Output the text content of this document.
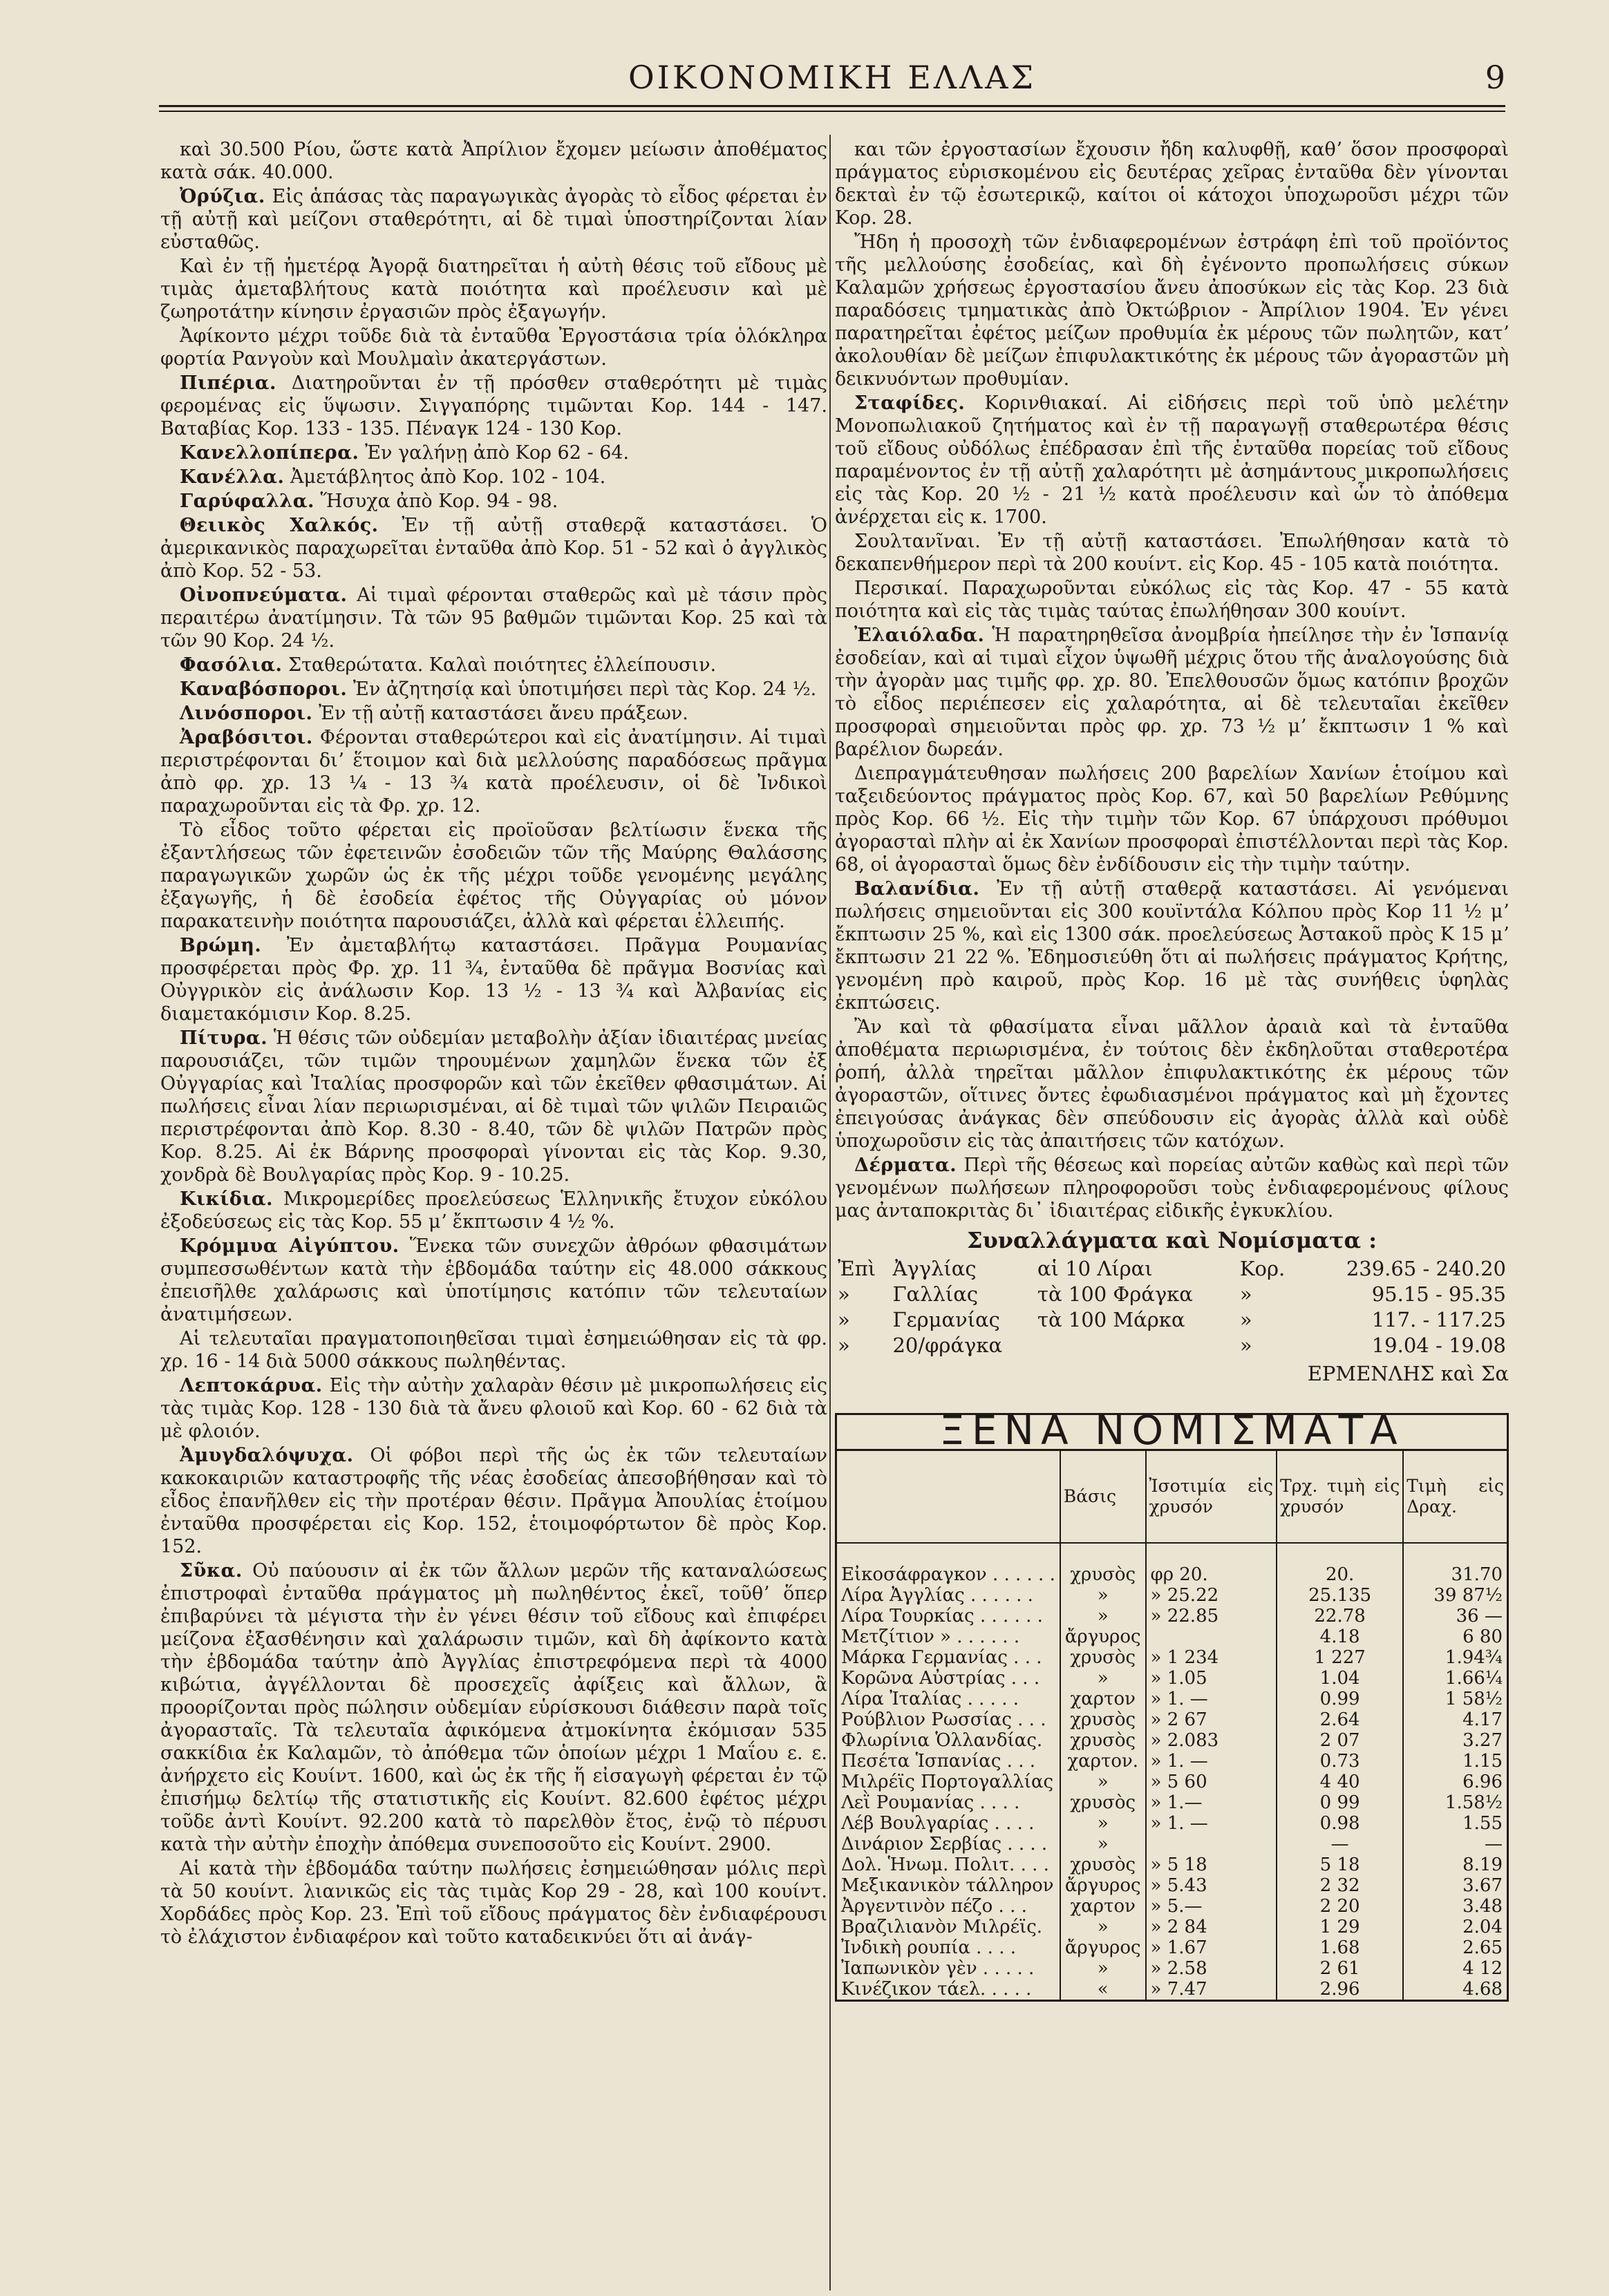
ΟΙΚΟΝΟΜΙΚΗ ΕΛΛΑΣ	9

καὶ 30.500 Ρίου, ὥστε κατὰ Ἀπρίλιον ἔχομεν μείωσιν ἀποθέματος κατὰ σάκ. 40.000.

Ὀρύζια. Εἰς ἁπάσας τὰς παραγωγικὰς ἀγορὰς τὸ εἶδος φέρεται ἐν τῇ αὐτῇ καὶ μείζονι σταθερότητι, αἱ δὲ τιμαὶ ὑποστηρίζονται λίαν εὐσταθῶς.

Καὶ ἐν τῇ ἡμετέρᾳ Ἀγορᾷ διατηρεῖται ἡ αὐτὴ θέσις τοῦ εἴδους μὲ τιμὰς ἀμεταβλήτους κατὰ ποιότητα καὶ προέλευσιν καὶ μὲ ζωηροτάτην κίνησιν ἐργασιῶν πρὸς ἐξαγωγήν.

Ἀφίκοντο μέχρι τοῦδε διὰ τὰ ἐνταῦθα Ἐργοστάσια τρία ὁλόκληρα φορτία Ρανγοὺν καὶ Μουλμαὶν ἀκατεργάστων.

Πιπέρια. Διατηροῦνται ἐν τῇ πρόσθεν σταθερότητι μὲ τιμὰς φερομένας εἰς ὕψωσιν. Σιγγαπόρης τιμῶνται Κορ. 144 - 147. Βαταβίας Κορ. 133 - 135. Πέναγκ 124 - 130 Κορ.

Κανελλοπίπερα. Ἐν γαλήνῃ ἀπὸ Κορ 62 - 64.

Κανέλλα. Ἀμετάβλητος ἀπὸ Κορ. 102 - 104.

Γαρύφαλλα. Ἥσυχα ἀπὸ Κορ. 94 - 98.

Θειικὸς Χαλκός. Ἐν τῇ αὐτῇ σταθερᾷ καταστάσει. Ὁ ἀμερικανικὸς παραχωρεῖται ἐνταῦθα ἀπὸ Κορ. 51 - 52 καὶ ὁ ἀγγλικὸς ἀπὸ Κορ. 52 - 53.

Οἰνοπνεύματα. Αἱ τιμαὶ φέρονται σταθερῶς καὶ μὲ τάσιν πρὸς περαιτέρω ἀνατίμησιν. Τὰ τῶν 95 βαθμῶν τιμῶνται Κορ. 25 καὶ τὰ τῶν 90 Κορ. 24 ½.

Φασόλια. Σταθερώτατα. Καλαὶ ποιότητες ἐλλείπουσιν.

Καναβόσποροι. Ἐν ἀζητησίᾳ καὶ ὑποτιμήσει περὶ τὰς Κορ. 24 ½.

Λινόσποροι. Ἐν τῇ αὐτῇ καταστάσει ἄνευ πράξεων.

Ἀραβόσιτοι. Φέρονται σταθερώτεροι καὶ εἰς ἀνατίμησιν. Αἱ τιμαὶ περιστρέφονται διʼ ἕτοιμον καὶ διὰ μελλούσης παραδόσεως πρᾶγμα ἀπὸ φρ. χρ. 13 ¼ - 13 ¾ κατὰ προέλευσιν, οἱ δὲ Ἰνδικοὶ παραχωροῦνται εἰς τὰ Φρ. χρ. 12.

Τὸ εἶδος τοῦτο φέρεται εἰς προϊοῦσαν βελτίωσιν ἕνεκα τῆς ἐξαντλήσεως τῶν ἐφετεινῶν ἐσοδειῶν τῶν τῆς Μαύρης Θαλάσσης παραγωγικῶν χωρῶν ὡς ἐκ τῆς μέχρι τοῦδε γενομένης μεγάλης ἐξαγωγῆς, ἡ δὲ ἐσοδεία ἐφέτος τῆς Οὐγγαρίας οὐ μόνον παρακατεινὴν ποιότητα παρουσιάζει, ἀλλὰ καὶ φέρεται ἐλλειπής.

Βρώμη. Ἐν ἀμεταβλήτῳ καταστάσει. Πρᾶγμα Ρουμανίας προσφέρεται πρὸς Φρ. χρ. 11 ¾, ἐνταῦθα δὲ πρᾶγμα Βοσνίας καὶ Οὐγγρικὸν εἰς ἀνάλωσιν Κορ. 13 ½ - 13 ¾ καὶ Ἀλβανίας εἰς διαμετακόμισιν Κορ. 8.25.

Πίτυρα. Ἡ θέσις τῶν οὐδεμίαν μεταβολὴν ἀξίαν ἰδιαιτέρας μνείας παρουσιάζει, τῶν τιμῶν τηρουμένων χαμηλῶν ἕνεκα τῶν ἐξ Οὐγγαρίας καὶ Ἰταλίας προσφορῶν καὶ τῶν ἐκεῖθεν φθασιμάτων. Αἱ πωλήσεις εἶναι λίαν περιωρισμέναι, αἱ δὲ τιμαὶ τῶν ψιλῶν Πειραιῶς περιστρέφονται ἀπὸ Κορ. 8.30 - 8.40, τῶν δὲ ψιλῶν Πατρῶν πρὸς Κορ. 8.25. Αἱ ἐκ Βάρνης προσφοραὶ γίνονται εἰς τὰς Κορ. 9.30, χονδρὰ δὲ Βουλγαρίας πρὸς Κορ. 9 - 10.25.

Κικίδια. Μικρομερίδες προελεύσεως Ἑλληνικῆς ἔτυχον εὐκόλου ἐξοδεύσεως εἰς τὰς Κορ. 55 μʼ ἔκπτωσιν 4 ½ %.

Κρόμμυα Αἰγύπτου. Ἕνεκα τῶν συνεχῶν ἀθρόων φθασιμάτων συμπεσσωθέντων κατὰ τὴν ἑβδομάδα ταύτην εἰς 48.000 σάκκους ἐπεισῆλθε χαλάρωσις καὶ ὑποτίμησις κατόπιν τῶν τελευταίων ἀνατιμήσεων.

Αἱ τελευταῖαι πραγματοποιηθεῖσαι τιμαὶ ἐσημειώθησαν εἰς τὰ φρ. χρ. 16 - 14 διὰ 5000 σάκκους πωληθέντας.

Λεπτοκάρυα. Εἰς τὴν αὐτὴν χαλαρὰν θέσιν μὲ μικροπωλήσεις εἰς τὰς τιμὰς Κορ. 128 - 130 διὰ τὰ ἄνευ φλοιοῦ καὶ Κορ. 60 - 62 διὰ τὰ μὲ φλοιόν.

Ἀμυγδαλόψυχα. Οἱ φόβοι περὶ τῆς ὡς ἐκ τῶν τελευταίων κακοκαιριῶν καταστροφῆς τῆς νέας ἐσοδείας ἀπεσοβήθησαν καὶ τὸ εἶδος ἐπανῆλθεν εἰς τὴν προτέραν θέσιν. Πρᾶγμα Ἀπουλίας ἑτοίμου ἐνταῦθα προσφέρεται εἰς Κορ. 152, ἑτοιμοφόρτωτον δὲ πρὸς Κορ. 152.

Σῦκα. Οὐ παύουσιν αἱ ἐκ τῶν ἄλλων μερῶν τῆς καταναλώσεως ἐπιστροφαὶ ἐνταῦθα πράγματος μὴ πωληθέντος ἐκεῖ, τοῦθʼ ὅπερ ἐπιβαρύνει τὰ μέγιστα τὴν ἐν γένει θέσιν τοῦ εἴδους καὶ ἐπιφέρει μείζονα ἐξασθένησιν καὶ χαλάρωσιν τιμῶν, καὶ δὴ ἀφίκοντο κατὰ τὴν ἑβδομάδα ταύτην ἀπὸ Ἀγγλίας ἐπιστρεφόμενα περὶ τὰ 4000 κιβώτια, ἀγγέλλονται δὲ προσεχεῖς ἀφίξεις καὶ ἄλλων, ἃ προορίζονται πρὸς πώλησιν οὐδεμίαν εὑρίσκουσι διάθεσιν παρὰ τοῖς ἀγορασταῖς. Τὰ τελευταῖα ἀφικόμενα ἀτμοκίνητα ἐκόμισαν 535 σακκίδια ἐκ Καλαμῶν, τὸ ἀπόθεμα τῶν ὁποίων μέχρι 1 Μαΐου ε. ε. ἀνήρχετο εἰς Κουίντ. 1600, καὶ ὡς ἐκ τῆς ἥ εἰσαγωγὴ φέρεται ἐν τῷ ἐπισήμῳ δελτίῳ τῆς στατιστικῆς εἰς Κουίντ. 82.600 ἐφέτος μέχρι τοῦδε ἀντὶ Κουίντ. 92.200 κατὰ τὸ παρελθὸν ἔτος, ἐνῷ τὸ πέρυσι κατὰ τὴν αὐτὴν ἐποχὴν ἀπόθεμα συνεποσοῦτο εἰς Κουίντ. 2900.

Αἱ κατὰ τὴν ἑβδομάδα ταύτην πωλήσεις ἐσημειώθησαν μόλις περὶ τὰ 50 κουίντ. λιανικῶς εἰς τὰς τιμὰς Κορ 29 - 28, καὶ 100 κουίντ. Χορδάδες πρὸς Κορ. 23. Ἐπὶ τοῦ εἴδους πράγματος δὲν ἐνδιαφέρουσι τὸ ἐλάχιστον ἐνδιαφέρον καὶ τοῦτο καταδεικνύει ὅτι αἱ ἀνάγ-

και τῶν ἐργοστασίων ἔχουσιν ἤδη καλυφθῇ, καθʼ ὅσον προσφοραὶ πράγματος εὑρισκομένου εἰς δευτέρας χεῖρας ἐνταῦθα δὲν γίνονται δεκταὶ ἐν τῷ ἐσωτερικῷ, καίτοι οἱ κάτοχοι ὑποχωροῦσι μέχρι τῶν Κορ. 28.

Ἤδη ἡ προσοχὴ τῶν ἐνδιαφερομένων ἐστράφη ἐπὶ τοῦ προϊόντος τῆς μελλούσης ἐσοδείας, καὶ δὴ ἐγένοντο προπωλήσεις σύκων Καλαμῶν χρήσεως ἐργοστασίου ἄνευ ἀποσύκων εἰς τὰς Κορ. 23 διὰ παραδόσεις τμηματικὰς ἀπὸ Ὀκτώβριον - Ἀπρίλιον 1904. Ἐν γένει παρατηρεῖται ἐφέτος μείζων προθυμία ἐκ μέρους τῶν πωλητῶν, κατʼ ἀκολουθίαν δὲ μείζων ἐπιφυλακτικότης ἐκ μέρους τῶν ἀγοραστῶν μὴ δεικνυόντων προθυμίαν.

Σταφίδες. Κορινθιακαί. Αἱ εἰδήσεις περὶ τοῦ ὑπὸ μελέτην Μονοπωλιακοῦ ζητήματος καὶ ἐν τῇ παραγωγῇ σταθερωτέρα θέσις τοῦ εἴδους οὐδόλως ἐπέδρασαν ἐπὶ τῆς ἐνταῦθα πορείας τοῦ εἴδους παραμένοντος ἐν τῇ αὐτῇ χαλαρότητι μὲ ἀσημάντους μικροπωλήσεις εἰς τὰς Κορ. 20 ½ - 21 ½ κατὰ προέλευσιν καὶ ὧν τὸ ἀπόθεμα ἀνέρχεται εἰς κ. 1700.

Σουλτανῖναι. Ἐν τῇ αὐτῇ καταστάσει. Ἐπωλήθησαν κατὰ τὸ δεκαπενθήμερον περὶ τὰ 200 κουίντ. εἰς Κορ. 45 - 105 κατὰ ποιότητα.

Περσικαί. Παραχωροῦνται εὐκόλως εἰς τὰς Κορ. 47 - 55 κατὰ ποιότητα καὶ εἰς τὰς τιμὰς ταύτας ἐπωλήθησαν 300 κουίντ.

Ἐλαιόλαδα. Ἡ παρατηρηθεῖσα ἀνομβρία ἠπείλησε τὴν ἐν Ἱσπανίᾳ ἐσοδείαν, καὶ αἱ τιμαὶ εἶχον ὑψωθῆ μέχρις ὅτου τῆς ἀναλογούσης διὰ τὴν ἀγορὰν μας τιμῆς φρ. χρ. 80. Ἐπελθουσῶν ὅμως κατόπιν βροχῶν τὸ εἶδος περιέπεσεν εἰς χαλαρότητα, αἱ δὲ τελευταῖαι ἐκεῖθεν προσφοραὶ σημειοῦνται πρὸς φρ. χρ. 73 ½ μʼ ἔκπτωσιν 1 % καὶ βαρέλιον δωρεάν.

Διεπραγμάτευθησαν πωλήσεις 200 βαρελίων Χανίων ἑτοίμου καὶ ταξειδεύοντος πράγματος πρὸς Κορ. 67, καὶ 50 βαρελίων Ρεθύμνης πρὸς Κορ. 66 ½. Εἰς τὴν τιμὴν τῶν Κορ. 67 ὑπάρχουσι πρόθυμοι ἀγορασταὶ πλὴν αἱ ἐκ Χανίων προσφοραὶ ἐπιστέλλονται περὶ τὰς Κορ. 68, οἱ ἀγορασταὶ ὅμως δὲν ἐνδίδουσιν εἰς τὴν τιμὴν ταύτην.

Βαλανίδια. Ἐν τῇ αὐτῇ σταθερᾷ καταστάσει. Αἱ γενόμεναι πωλήσεις σημειοῦνται εἰς 300 κουϊντάλα Κόλπου πρὸς Κορ 11 ½ μʼ ἔκπτωσιν 25 %, καὶ εἰς 1300 σάκ. προελεύσεως Ἀστακοῦ πρὸς Κ 15 μʼ ἔκπτωσιν 21 22 %. Ἐδημοσιεύθη ὅτι αἱ πωλήσεις πράγματος Κρήτης, γενομένη πρὸ καιροῦ, πρὸς Κορ. 16 μὲ τὰς συνήθεις ὑφηλὰς ἐκπτώσεις.

Ἂν καὶ τὰ φθασίματα εἶναι μᾶλλον ἀραιὰ καὶ τὰ ἐνταῦθα ἀποθέματα περιωρισμένα, ἐν τούτοις δὲν ἐκδηλοῦται σταθεροτέρα ῥοπή, ἀλλὰ τηρεῖται μᾶλλον ἐπιφυλακτικότης ἐκ μέρους τῶν ἀγοραστῶν, οἵτινες ὄντες ἐφωδιασμένοι πράγματος καὶ μὴ ἔχοντες ἐπειγούσας ἀνάγκας δὲν σπεύδουσιν εἰς ἀγορὰς ἀλλὰ καὶ οὐδὲ ὑποχωροῦσιν εἰς τὰς ἀπαιτήσεις τῶν κατόχων.

Δέρματα. Περὶ τῆς θέσεως καὶ πορείας αὐτῶν καθὼς καὶ περὶ τῶν γενομένων πωλήσεων πληροφοροῦσι τοὺς ἐνδιαφερομένους φίλους μας ἀνταποκριτὰς δι᾿ ἰδιαιτέρας εἰδικῆς ἐγκυκλίου.

Συναλλάγματα καὶ Νομίσματα :
Ἐπὶ	Ἀγγλίας	αἱ 10 Λίραι	Κορ.	239.65 - 240.20
»	Γαλλίας	τὰ 100 Φράγκα	»	95.15 - 95.35
»	Γερμανίας	τὰ 100 Μάρκα	»	117. - 117.25
»	20/φράγκα		»	19.04 - 19.08
ΕΡΜΕΝΛΗΣ καὶ Σα
ΞΕΝΑ ΝΟΜΙΣΜΑΤΑ
	Βάσις	Ἰσοτιμία εἰς χρυσόν	Τρχ. τιμὴ εἰς χρυσόν	Τιμὴ εἰς Δραχ.

Εἰκοσάφραγκον . . . . . .	χρυσὸς	φρ 20.	20.	31.70
Λίρα Ἀγγλίας . . . . . .	»	» 25.22	25.135	39 87½
Λίρα Τουρκίας . . . . . .	»	» 22.85	22.78	36 —
Μετζίτιον » . . . . . .	ἄργυρος		4.18	6 80
Μάρκα Γερμανίας . . .	χρυσὸς	» 1 234	1 227	1.94¾
Κορῶνα Αὐστρίας . . .	»	» 1.05	1.04	1.66¼
Λίρα Ἰταλίας . . . . .	χαρτον	» 1. —	0.99	1 58½
Ρούβλιον Ρωσσίας . . .	χρυσὸς	» 2 67	2.64	4.17
Φλωρίνια Ὁλλανδίας.	χρυσὸς	» 2.083	2 07	3.27
Πεσέτα Ἱσπανίας . . .	χαρτον.	» 1. —	0.73	1.15
Μιλρέϊς Πορτογαλλίας	»	» 5 60	4 40	6.96
Λεῒ Ρουμανίας . . . .	χρυσὸς	» 1.—	0 99	1.58½
Λέβ Βουλγαρίας . . . .	»	» 1. —	0.98	1.55
Δινάριον Σερβίας . . . .	»		—	—
Δολ. Ἡνωμ. Πολιτ. . . .	χρυσὸς	» 5 18	5 18	8.19
Μεξικανικὸν τάλληρον	ἄργυρος	» 5.43	2 32	3.67
Ἀργεντινὸν πέζο . . .	χαρτον	» 5.—	2 20	3.48
Βραζιλιανὸν Μιλρέϊς.	»	» 2 84	1 29	2.04
Ἰνδικὴ ρουπία . . . .	ἄργυρος	» 1.67	1.68	2.65
Ἰαπωνικὸν γὲν . . . . .	»	» 2.58	2 61	4 12
Κινέζικον τάελ. . . . .	«	» 7.47	2.96	4.68
